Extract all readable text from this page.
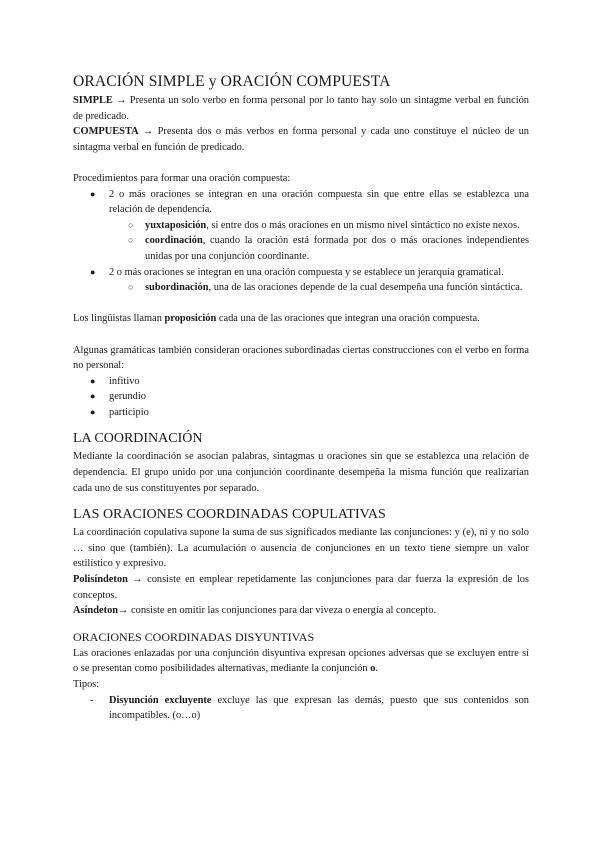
ORACIÓN SIMPLE y ORACIÓN COMPUESTA

SIMPLE → Presenta un solo verbo en forma personal por lo tanto hay solo un sintagme verbal en función de predicado.

COMPUESTA → Presenta dos o más verbos en forma personal y cada uno constituye el núcleo de un sintagma verbal en función de predicado.

Procedimientos para formar una oración compuesta:

● 2 o más oraciones se integran en una oración compuesta sin que entre ellas se establezca una relación de dependencia.
○ yuxtaposición, si entre dos o más oraciones en un mismo nivel sintáctico no existe nexos.
○ coordinación, cuando la oración está formada por dos o más oraciones independientes unidas por una conjunción coordinante.
● 2 o más oraciones se integran en una oración compuesta y se establece un jerarquía gramatical.
○ subordinación, una de las oraciones depende de la cual desempeña una función sintáctica.

Los lingüistas llaman proposición cada una de las oraciones que integran una oración compuesta.

Algunas gramáticas también consideran oraciones subordinadas ciertas construcciones con el verbo en forma no personal:

● infitivo
● gerundio
● participio
LA COORDINACIÓN

Mediante la coordinación se asocian palabras, sintagmas u oraciones sin que se establezca una relación de dependencia. El grupo unido por una conjunción coordinante desempeña la misma función que realizarían cada uno de sus constituyentes por separado.

LAS ORACIONES COORDINADAS COPULATIVAS

La coordinación copulativa supone la suma de sus significados mediante las conjunciones: y (e), ni y no solo … sino que (también). La acumulación o ausencia de conjunciones en un texto tiene siempre un valor estilístico y expresivo.

Polisíndeton → consiste en emplear repetidamente las conjunciones para dar fuerza la expresión de los conceptos.

Asíndeton→ consiste en omitir las conjunciones para dar viveza o energía al concepto.

ORACIONES COORDINADAS DISYUNTIVAS

Las oraciones enlazadas por una conjunción disyuntiva expresan opciones adversas que se excluyen entre sí o se presentan como posibilidades alternativas, mediante la conjunción o.

Tipos:

- Disyunción excluyente excluye las que expresan las demás, puesto que sus contenidos son incompatibles. (o…o)
